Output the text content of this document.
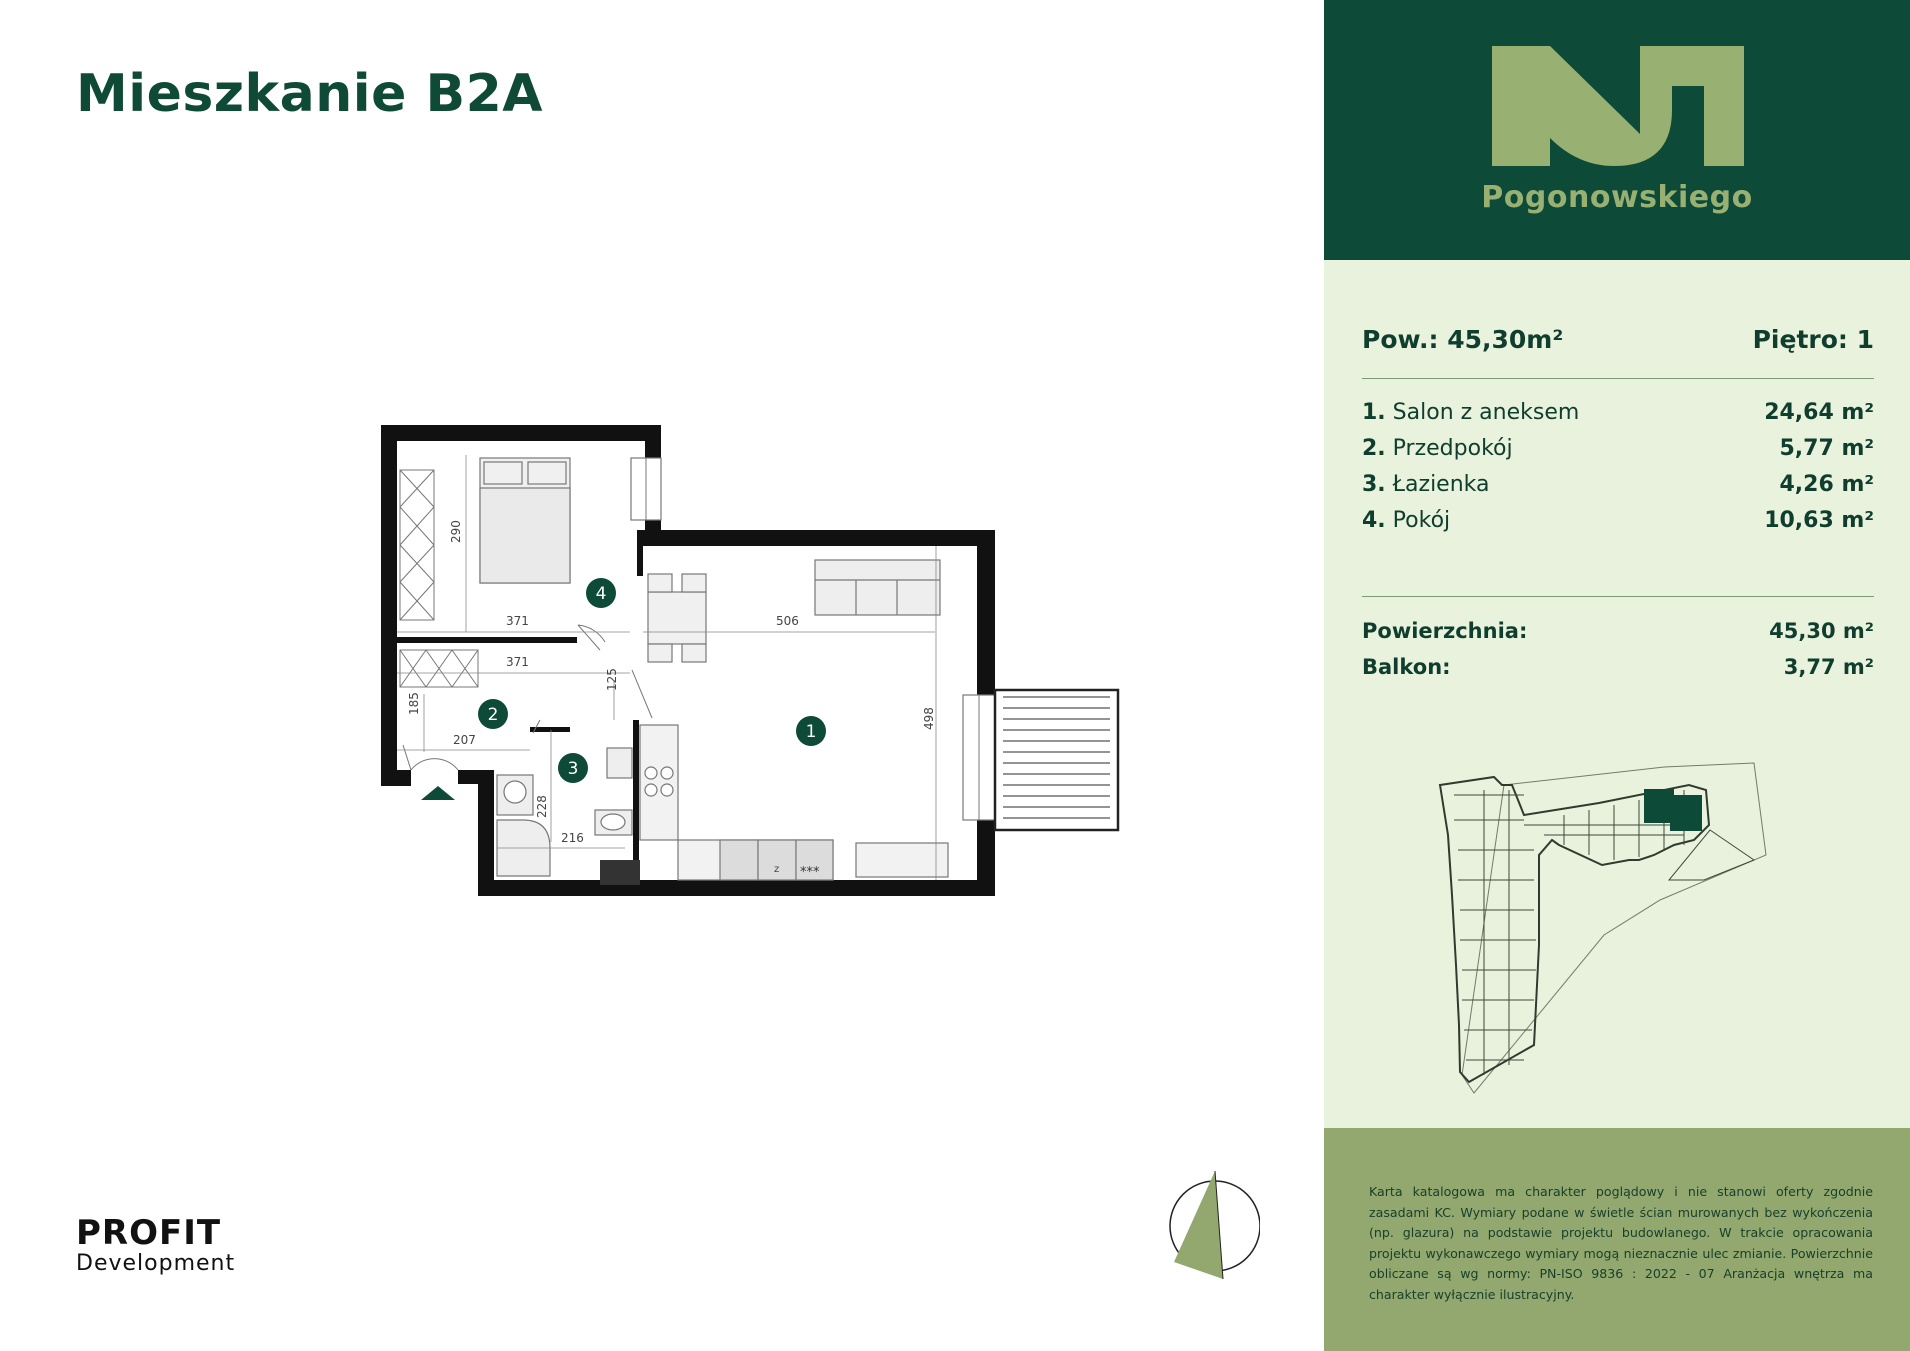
Mieszkanie B2A
z ***
290
371
371
185
207
125
506
498
228
216
1
2
3
4
PROFIT
Development
Pogonowskiego
Pow.: 45,30m²	Piętro: 1
1. Salon z aneksem	24,64 m²
2. Przedpokój	5,77 m²
3. Łazienka	4,26 m²
4. Pokój	10,63 m²
Powierzchnia:	45,30 m²
Balkon:	3,77 m²
Karta katalogowa ma charakter poglądowy i nie stanowi oferty zgodnie zasadami KC. Wymiary podane w świetle ścian murowanych bez wykończenia (np. glazura) na podstawie projektu budowlanego. W trakcie opracowania projektu wykonawczego wymiary mogą nieznacznie ulec zmianie. Powierzchnie obliczane są wg normy: PN-ISO 9836 : 2022 - 07 Aranżacja wnętrza ma charakter wyłącznie ilustracyjny.
